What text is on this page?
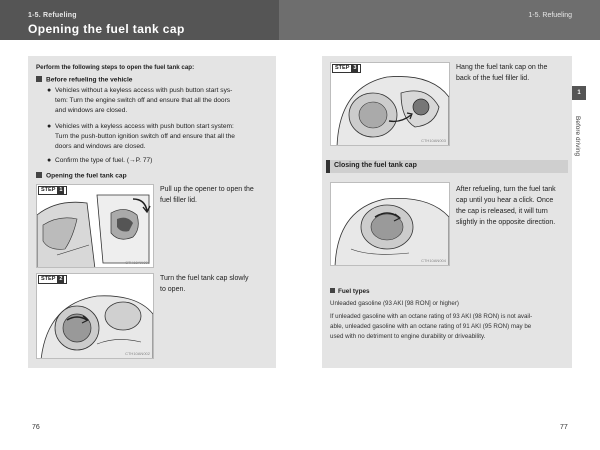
1-5. Refueling
Opening the fuel tank cap
1-5. Refueling
Perform the following steps to open the fuel tank cap:
Before refueling the vehicle
● Vehicles without a keyless access with push button start sys-
tem: Turn the engine switch off and ensure that all the doors
and windows are closed.
● Vehicles with a keyless access with push button start system:
Turn the push-button ignition switch off and ensure that all the
doors and windows are closed.
● Confirm the type of fuel. (→P. 77)
Opening the fuel tank cap
STEP 1
CTH10AN001
Pull up the opener to open the
fuel filler lid.
STEP 2
CTH10AN002
Turn the fuel tank cap slowly
to open.
STEP 3
CTH10AN003
Hang the fuel tank cap on the
back of the fuel filler lid.
Closing the fuel tank cap
CTH10AN004
After refueling, turn the fuel tank
cap until you hear a click. Once
the cap is released, it will turn
slightly in the opposite direction.
Fuel types
Unleaded gasoline (93 AKI [98 RON] or higher)
If unleaded gasoline with an octane rating of 93 AKI (98 RON) is not avail-
able, unleaded gasoline with an octane rating of 91 AKI (95 RON) may be
used with no detriment to engine durability or driveability.
1
Before driving
76	77
